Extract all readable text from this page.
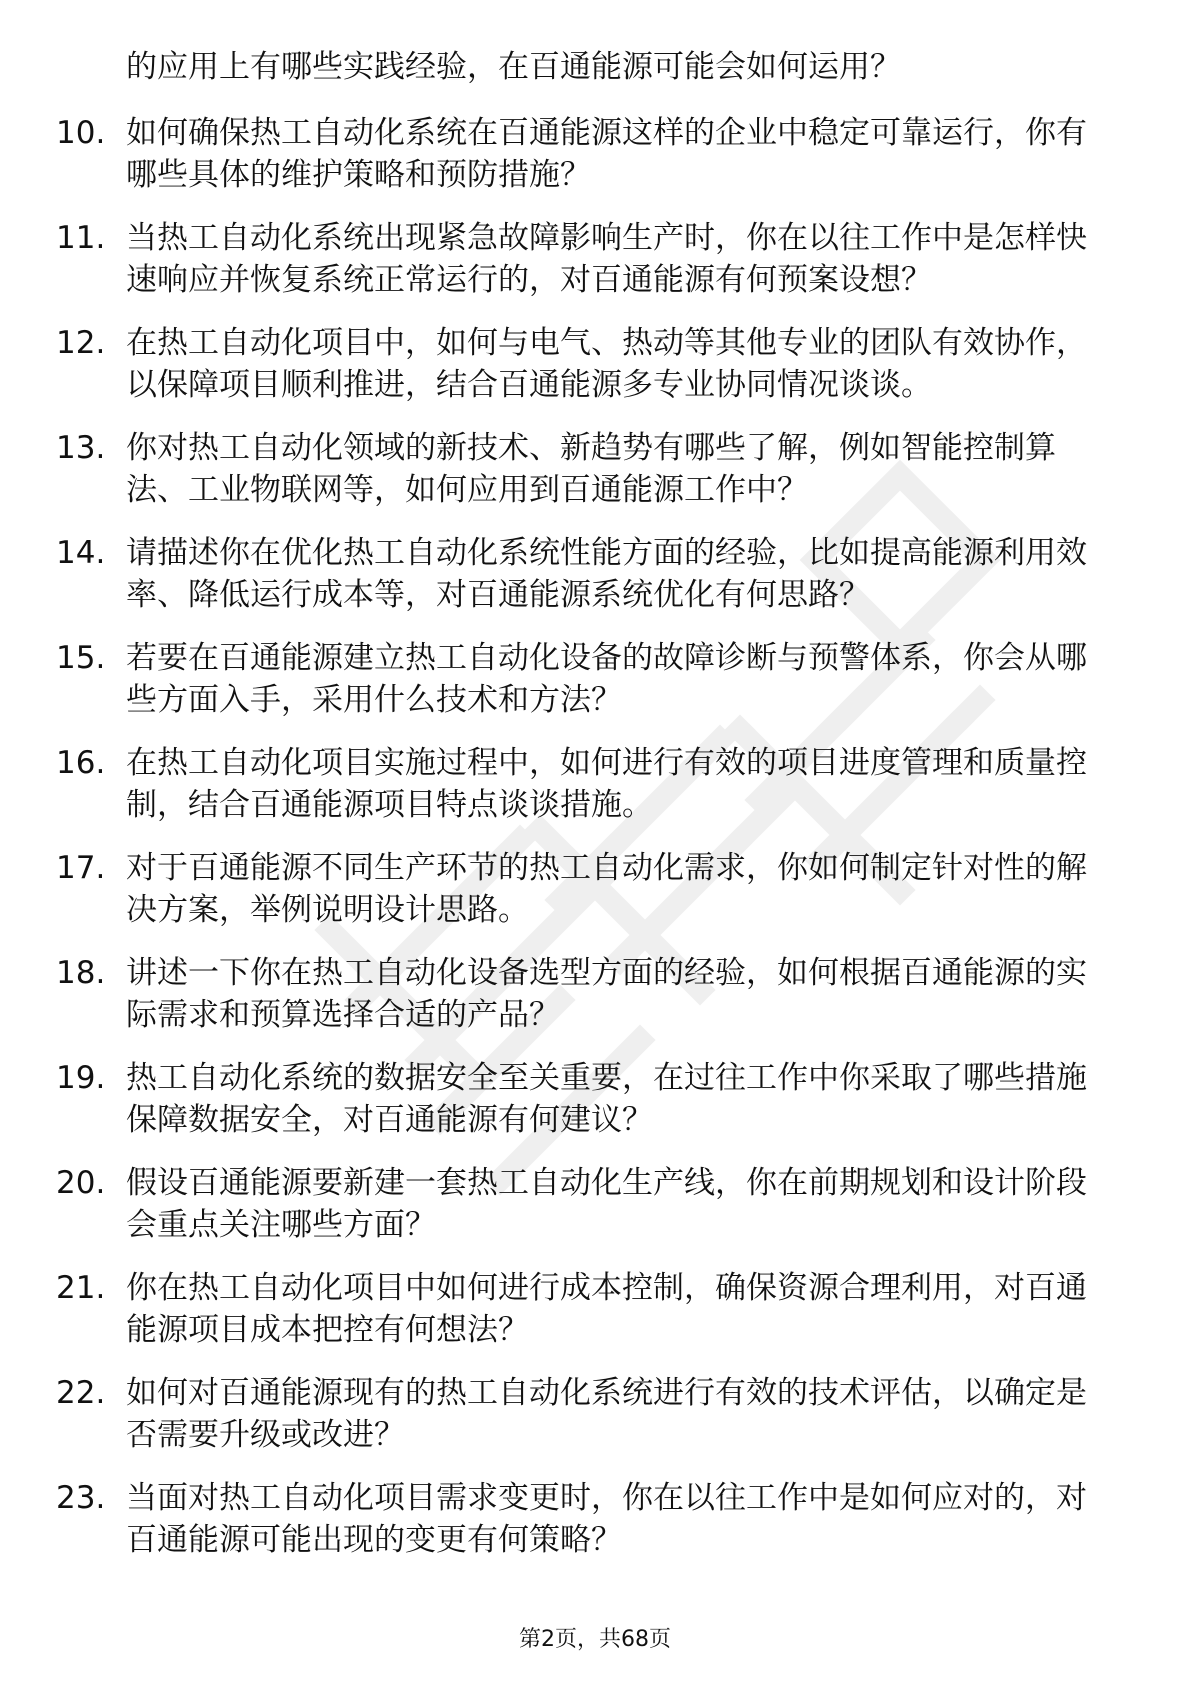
的应用上有哪些实践经验，在百通能源可能会如何运用？
10. 如何确保热工自动化系统在百通能源这样的企业中稳定可靠运行，你有哪些具体的维护策略和预防措施？
11. 当热工自动化系统出现紧急故障影响生产时，你在以往工作中是怎样快速响应并恢复系统正常运行的，对百通能源有何预案设想？
12. 在热工自动化项目中，如何与电气、热动等其他专业的团队有效协作，以保障项目顺利推进，结合百通能源多专业协同情况谈谈。
13. 你对热工自动化领域的新技术、新趋势有哪些了解，例如智能控制算法、工业物联网等，如何应用到百通能源工作中？
14. 请描述你在优化热工自动化系统性能方面的经验，比如提高能源利用效率、降低运行成本等，对百通能源系统优化有何思路？
15. 若要在百通能源建立热工自动化设备的故障诊断与预警体系，你会从哪些方面入手，采用什么技术和方法？
16. 在热工自动化项目实施过程中，如何进行有效的项目进度管理和质量控制，结合百通能源项目特点谈谈措施。
17. 对于百通能源不同生产环节的热工自动化需求，你如何制定针对性的解决方案，举例说明设计思路。
18. 讲述一下你在热工自动化设备选型方面的经验，如何根据百通能源的实际需求和预算选择合适的产品？
19. 热工自动化系统的数据安全至关重要，在过往工作中你采取了哪些措施保障数据安全，对百通能源有何建议？
20. 假设百通能源要新建一套热工自动化生产线，你在前期规划和设计阶段会重点关注哪些方面？
21. 你在热工自动化项目中如何进行成本控制，确保资源合理利用，对百通能源项目成本把控有何想法？
22. 如何对百通能源现有的热工自动化系统进行有效的技术评估，以确定是否需要升级或改进？
23. 当面对热工自动化项目需求变更时，你在以往工作中是如何应对的，对百通能源可能出现的变更有何策略？
第2页，共68页
